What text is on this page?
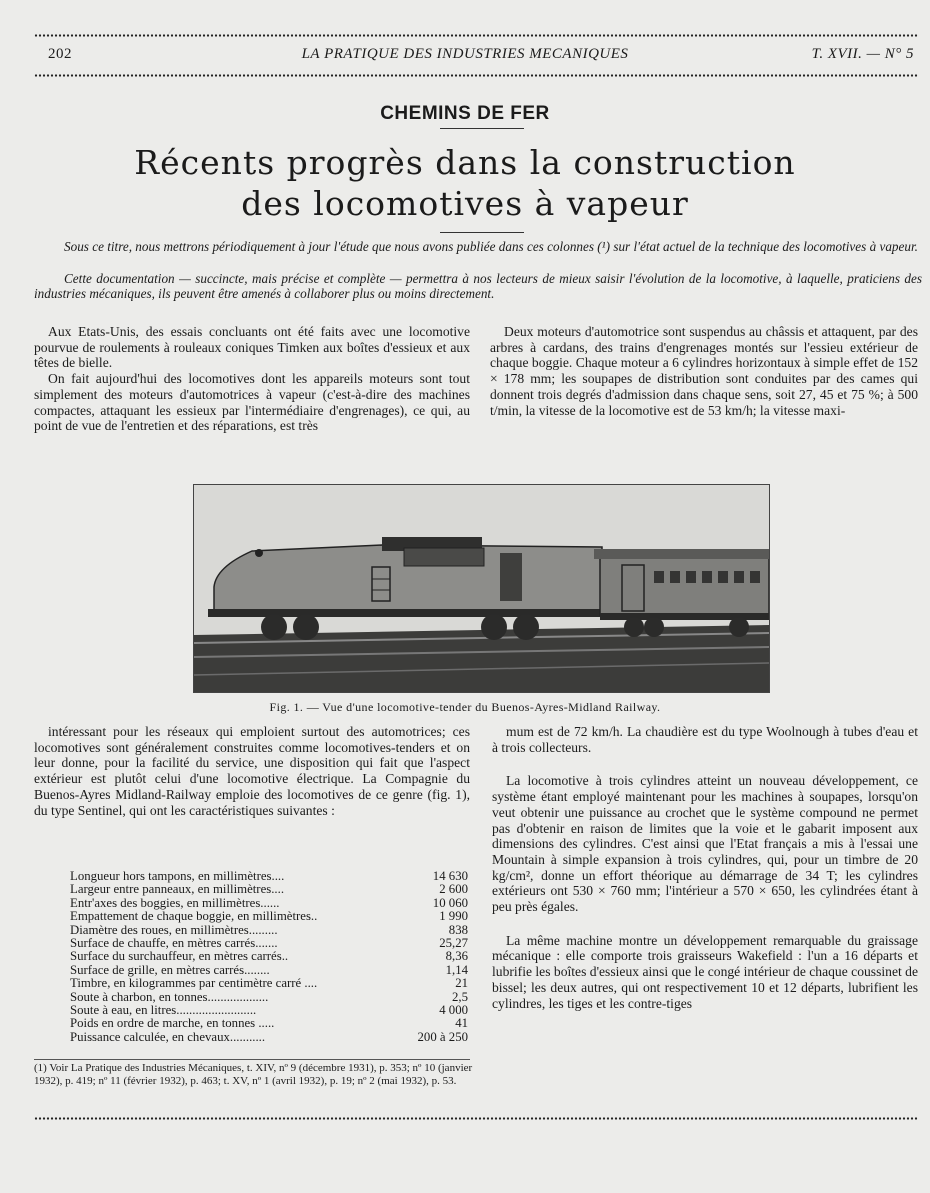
202	LA PRATIQUE DES INDUSTRIES MECANIQUES	T. XVII. — N° 5
CHEMINS DE FER
Récents progrès dans la construction
des locomotives à vapeur
Sous ce titre, nous mettrons périodiquement à jour l'étude que nous avons publiée dans ces colonnes (¹) sur l'état actuel de la technique des locomotives à vapeur.
Cette documentation — succincte, mais précise et complète — permettra à nos lecteurs de mieux saisir l'évolution de la locomotive, à laquelle, praticiens des industries mécaniques, ils peuvent être amenés à collaborer plus ou moins directement.

Aux Etats-Unis, des essais concluants ont été faits avec une locomotive pourvue de roulements à rouleaux coniques Timken aux boîtes d'essieux et aux têtes de bielle.

On fait aujourd'hui des locomotives dont les appareils moteurs sont tout simplement des moteurs d'automotrices à vapeur (c'est-à-dire des machines compactes, attaquant les essieux par l'intermédiaire d'engrenages), ce qui, au point de vue de l'entretien et des réparations, est très

Deux moteurs d'automotrice sont suspendus au châssis et attaquent, par des arbres à cardans, des trains d'engrenages montés sur l'essieu extérieur de chaque boggie. Chaque moteur a 6 cylindres horizontaux à simple effet de 152 × 178 mm; les soupapes de distribution sont conduites par des cames qui donnent trois degrés d'admission dans chaque sens, soit 27, 45 et 75 %; à 500 t/min, la vitesse de la locomotive est de 53 km/h; la vitesse maxi-

Fig. 1. — Vue d'une locomotive-tender du Buenos-Ayres-Midland Railway.

intéressant pour les réseaux qui emploient surtout des automotrices; ces locomotives sont généralement construites comme locomotives-tenders et on leur donne, pour la facilité du service, une disposition qui fait que l'aspect extérieur est plutôt celui d'une locomotive électrique. La Compagnie du Buenos-Ayres Midland-Railway emploie des locomotives de ce genre (fig. 1), du type Sentinel, qui ont les caractéristiques suivantes :

mum est de 72 km/h. La chaudière est du type Woolnough à tubes d'eau et à trois collecteurs.

La locomotive à trois cylindres atteint un nouveau développement, ce système étant employé maintenant pour les machines à soupapes, lorsqu'on veut obtenir une puissance au crochet que le système compound ne permet pas d'obtenir en raison de limites que la voie et le gabarit imposent aux dimensions des cylindres. C'est ainsi que l'Etat français a mis à l'essai une Mountain à simple expansion à trois cylindres, qui, pour un timbre de 20 kg/cm², donne un effort théorique au démarrage de 34 T; les cylindres extérieurs ont 530 × 760 mm; l'intérieur a 570 × 650, les cylindrées étant à peu près égales.

La même machine montre un développement remarquable du graissage mécanique : elle comporte trois graisseurs Wakefield : l'un a 16 départs et lubrifie les boîtes d'essieux ainsi que le congé intérieur de chaque coussinet de bissel; les deux autres, qui ont respectivement 10 et 12 départs, lubrifient les cylindres, les tiges et les contre-tiges

Longueur hors tampons, en millimètres....	14 630
Largeur entre panneaux, en millimètres....	2 600
Entr'axes des boggies, en millimètres......	10 060
Empattement de chaque boggie, en millimètres..	1 990
Diamètre des roues, en millimètres.........	838
Surface de chauffe, en mètres carrés.......	25,27
Surface du surchauffeur, en mètres carrés..	8,36
Surface de grille, en mètres carrés........	1,14
Timbre, en kilogrammes par centimètre carré ....	21
Soute à charbon, en tonnes...................	2,5
Soute à eau, en litres.........................	4 000
Poids en ordre de marche, en tonnes .....	41
Puissance calculée, en chevaux...........	200 à 250
(1) Voir La Pratique des Industries Mécaniques, t. XIV, nº 9 (décembre 1931), p. 353; nº 10 (janvier 1932), p. 419; nº 11 (février 1932), p. 463; t. XV, nº 1 (avril 1932), p. 19; nº 2 (mai 1932), p. 53.
